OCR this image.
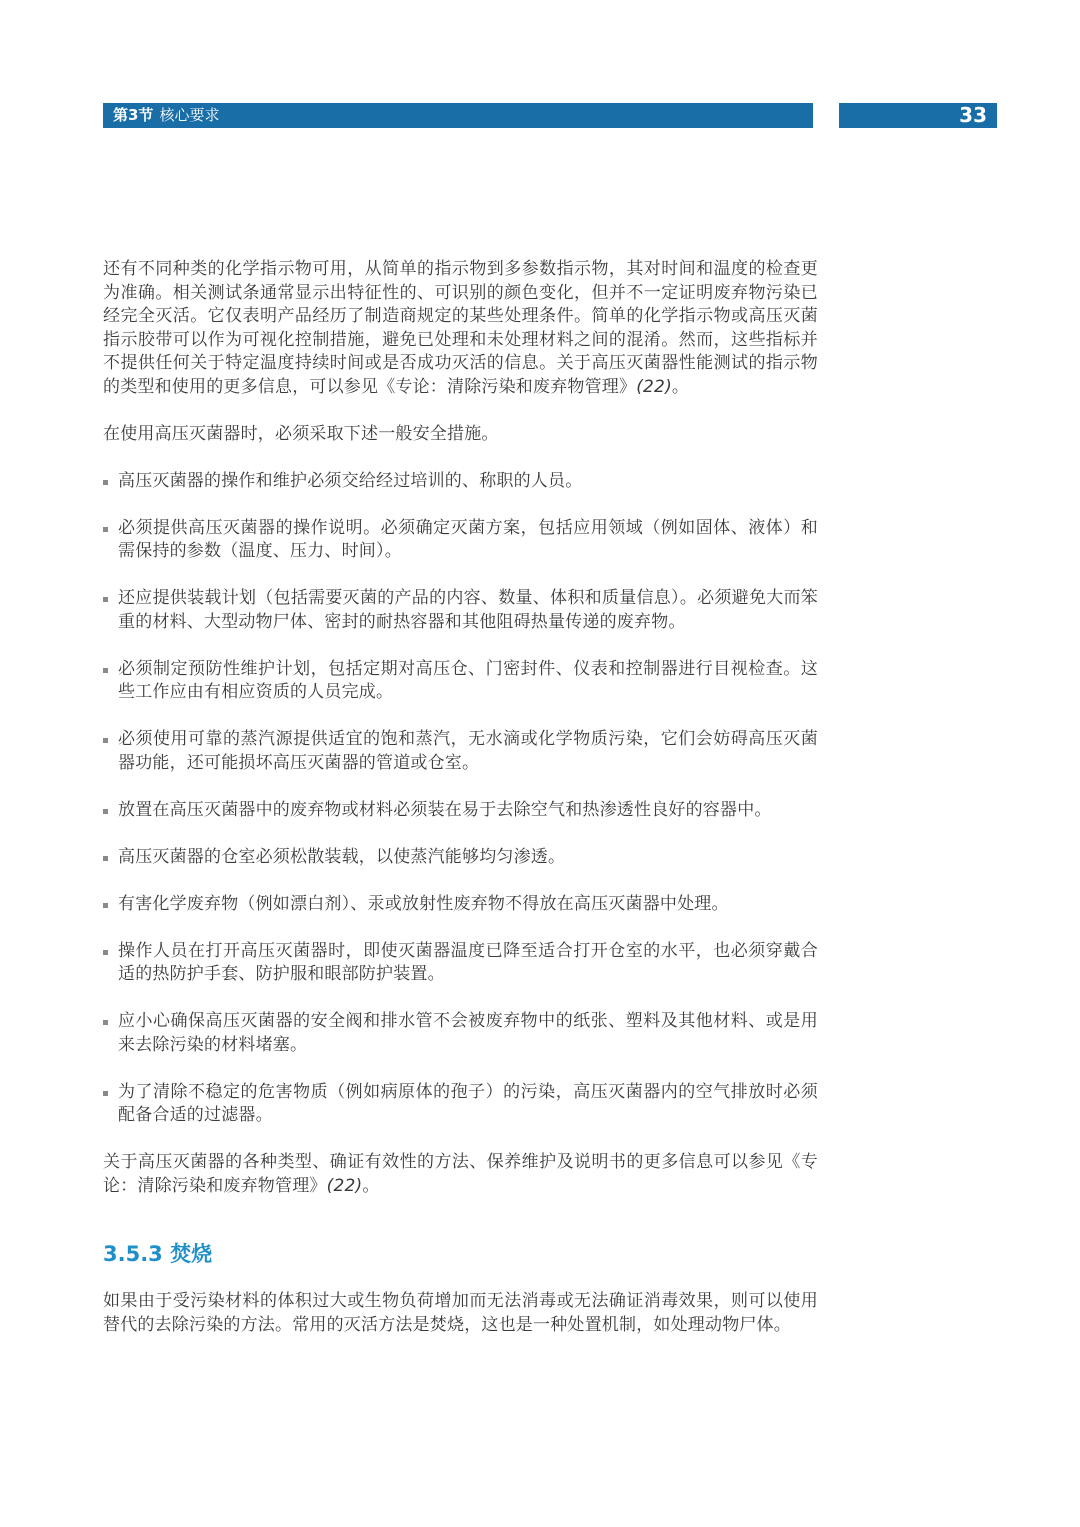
第3节 核心要求	33

还有不同种类的化学指示物可用，从简单的指示物到多参数指示物，其对时间和温度的检查更为准确。相关测试条通常显示出特征性的、可识别的颜色变化，但并不一定证明废弃物污染已经完全灭活。它仅表明产品经历了制造商规定的某些处理条件。简单的化学指示物或高压灭菌指示胶带可以作为可视化控制措施，避免已处理和未处理材料之间的混淆。然而，这些指标并不提供任何关于特定温度持续时间或是否成功灭活的信息。关于高压灭菌器性能测试的指示物的类型和使用的更多信息，可以参见《专论：清除污染和废弃物管理》(22)。

在使用高压灭菌器时，必须采取下述一般安全措施。

高压灭菌器的操作和维护必须交给经过培训的、称职的人员。
必须提供高压灭菌器的操作说明。必须确定灭菌方案，包括应用领域（例如固体、液体）和需保持的参数（温度、压力、时间）。
还应提供装载计划（包括需要灭菌的产品的内容、数量、体积和质量信息）。必须避免大而笨重的材料、大型动物尸体、密封的耐热容器和其他阻碍热量传递的废弃物。
必须制定预防性维护计划，包括定期对高压仓、门密封件、仪表和控制器进行目视检查。这些工作应由有相应资质的人员完成。
必须使用可靠的蒸汽源提供适宜的饱和蒸汽，无水滴或化学物质污染，它们会妨碍高压灭菌器功能，还可能损坏高压灭菌器的管道或仓室。
放置在高压灭菌器中的废弃物或材料必须装在易于去除空气和热渗透性良好的容器中。
高压灭菌器的仓室必须松散装载，以使蒸汽能够均匀渗透。
有害化学废弃物（例如漂白剂）、汞或放射性废弃物不得放在高压灭菌器中处理。
操作人员在打开高压灭菌器时，即使灭菌器温度已降至适合打开仓室的水平，也必须穿戴合适的热防护手套、防护服和眼部防护装置。
应小心确保高压灭菌器的安全阀和排水管不会被废弃物中的纸张、塑料及其他材料、或是用来去除污染的材料堵塞。
为了清除不稳定的危害物质（例如病原体的孢子）的污染，高压灭菌器内的空气排放时必须配备合适的过滤器。

关于高压灭菌器的各种类型、确证有效性的方法、保养维护及说明书的更多信息可以参见《专论：清除污染和废弃物管理》(22)。

3.5.3 焚烧

如果由于受污染材料的体积过大或生物负荷增加而无法消毒或无法确证消毒效果，则可以使用替代的去除污染的方法。常用的灭活方法是焚烧，这也是一种处置机制，如处理动物尸体。
